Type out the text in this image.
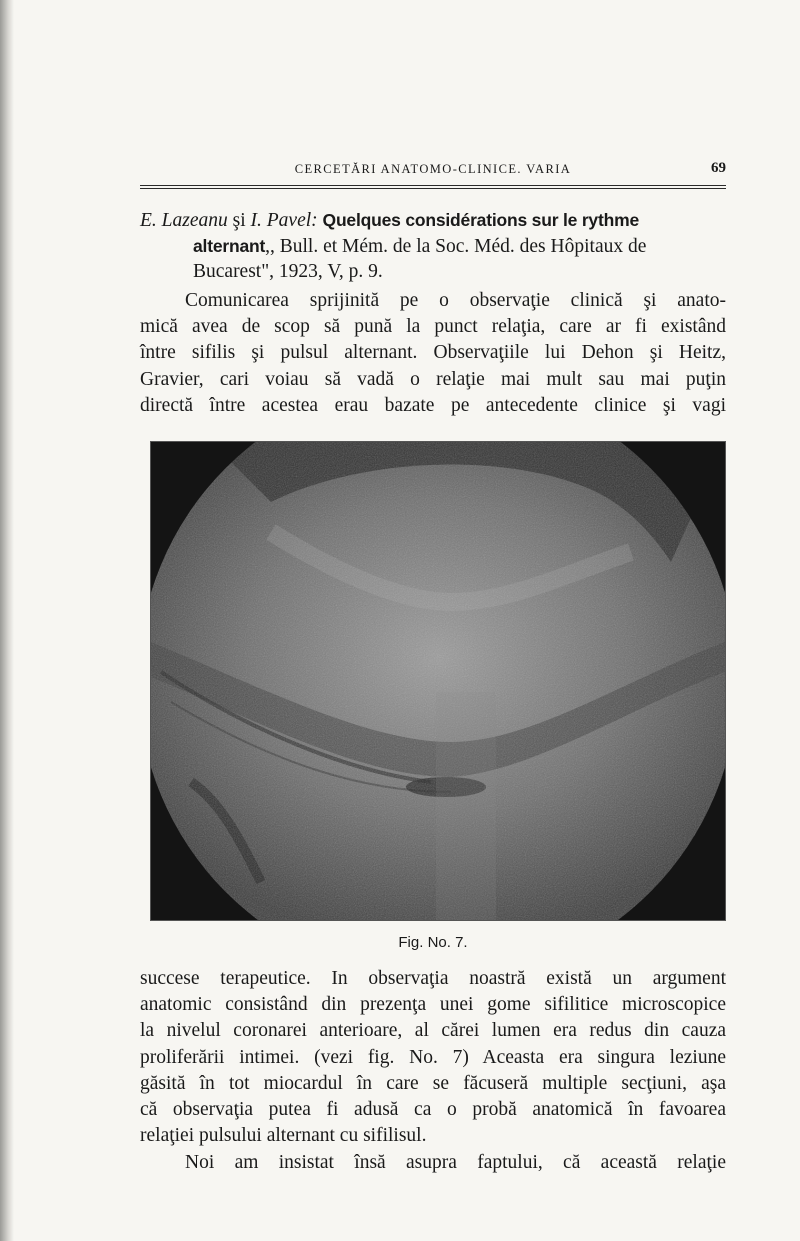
CERCETĂRI ANATOMO-CLINICE. VARIA	69
E. Lazeanu şi I. Pavel: Quelques considérations sur le rythme
alternant,, Bull. et Mém. de la Soc. Méd. des Hôpitaux de
Bucarest", 1923, V, p. 9.
Comunicarea sprijinită pe o observaţie clinică şi anato-
mică avea de scop să pună la punct relaţia, care ar fi existând
între sifilis şi pulsul alternant. Observaţiile lui Dehon şi Heitz,
Gravier, cari voiau să vadă o relaţie mai mult sau mai puţin
directă între acestea erau bazate pe antecedente clinice şi vagi
Fig. No. 7.
succese terapeutice. In observaţia noastră există un argument
anatomic consistând din prezenţa unei gome sifilitice microscopice
la nivelul coronarei anterioare, al cărei lumen era redus din cauza
proliferării intimei. (vezi fig. No. 7) Aceasta era singura leziune
găsită în tot miocardul în care se făcuseră multiple secţiuni, aşa
că observaţia putea fi adusă ca o probă anatomică în favoarea
relaţiei pulsului alternant cu sifilisul.
Noi am insistat însă asupra faptului, că această relaţie
